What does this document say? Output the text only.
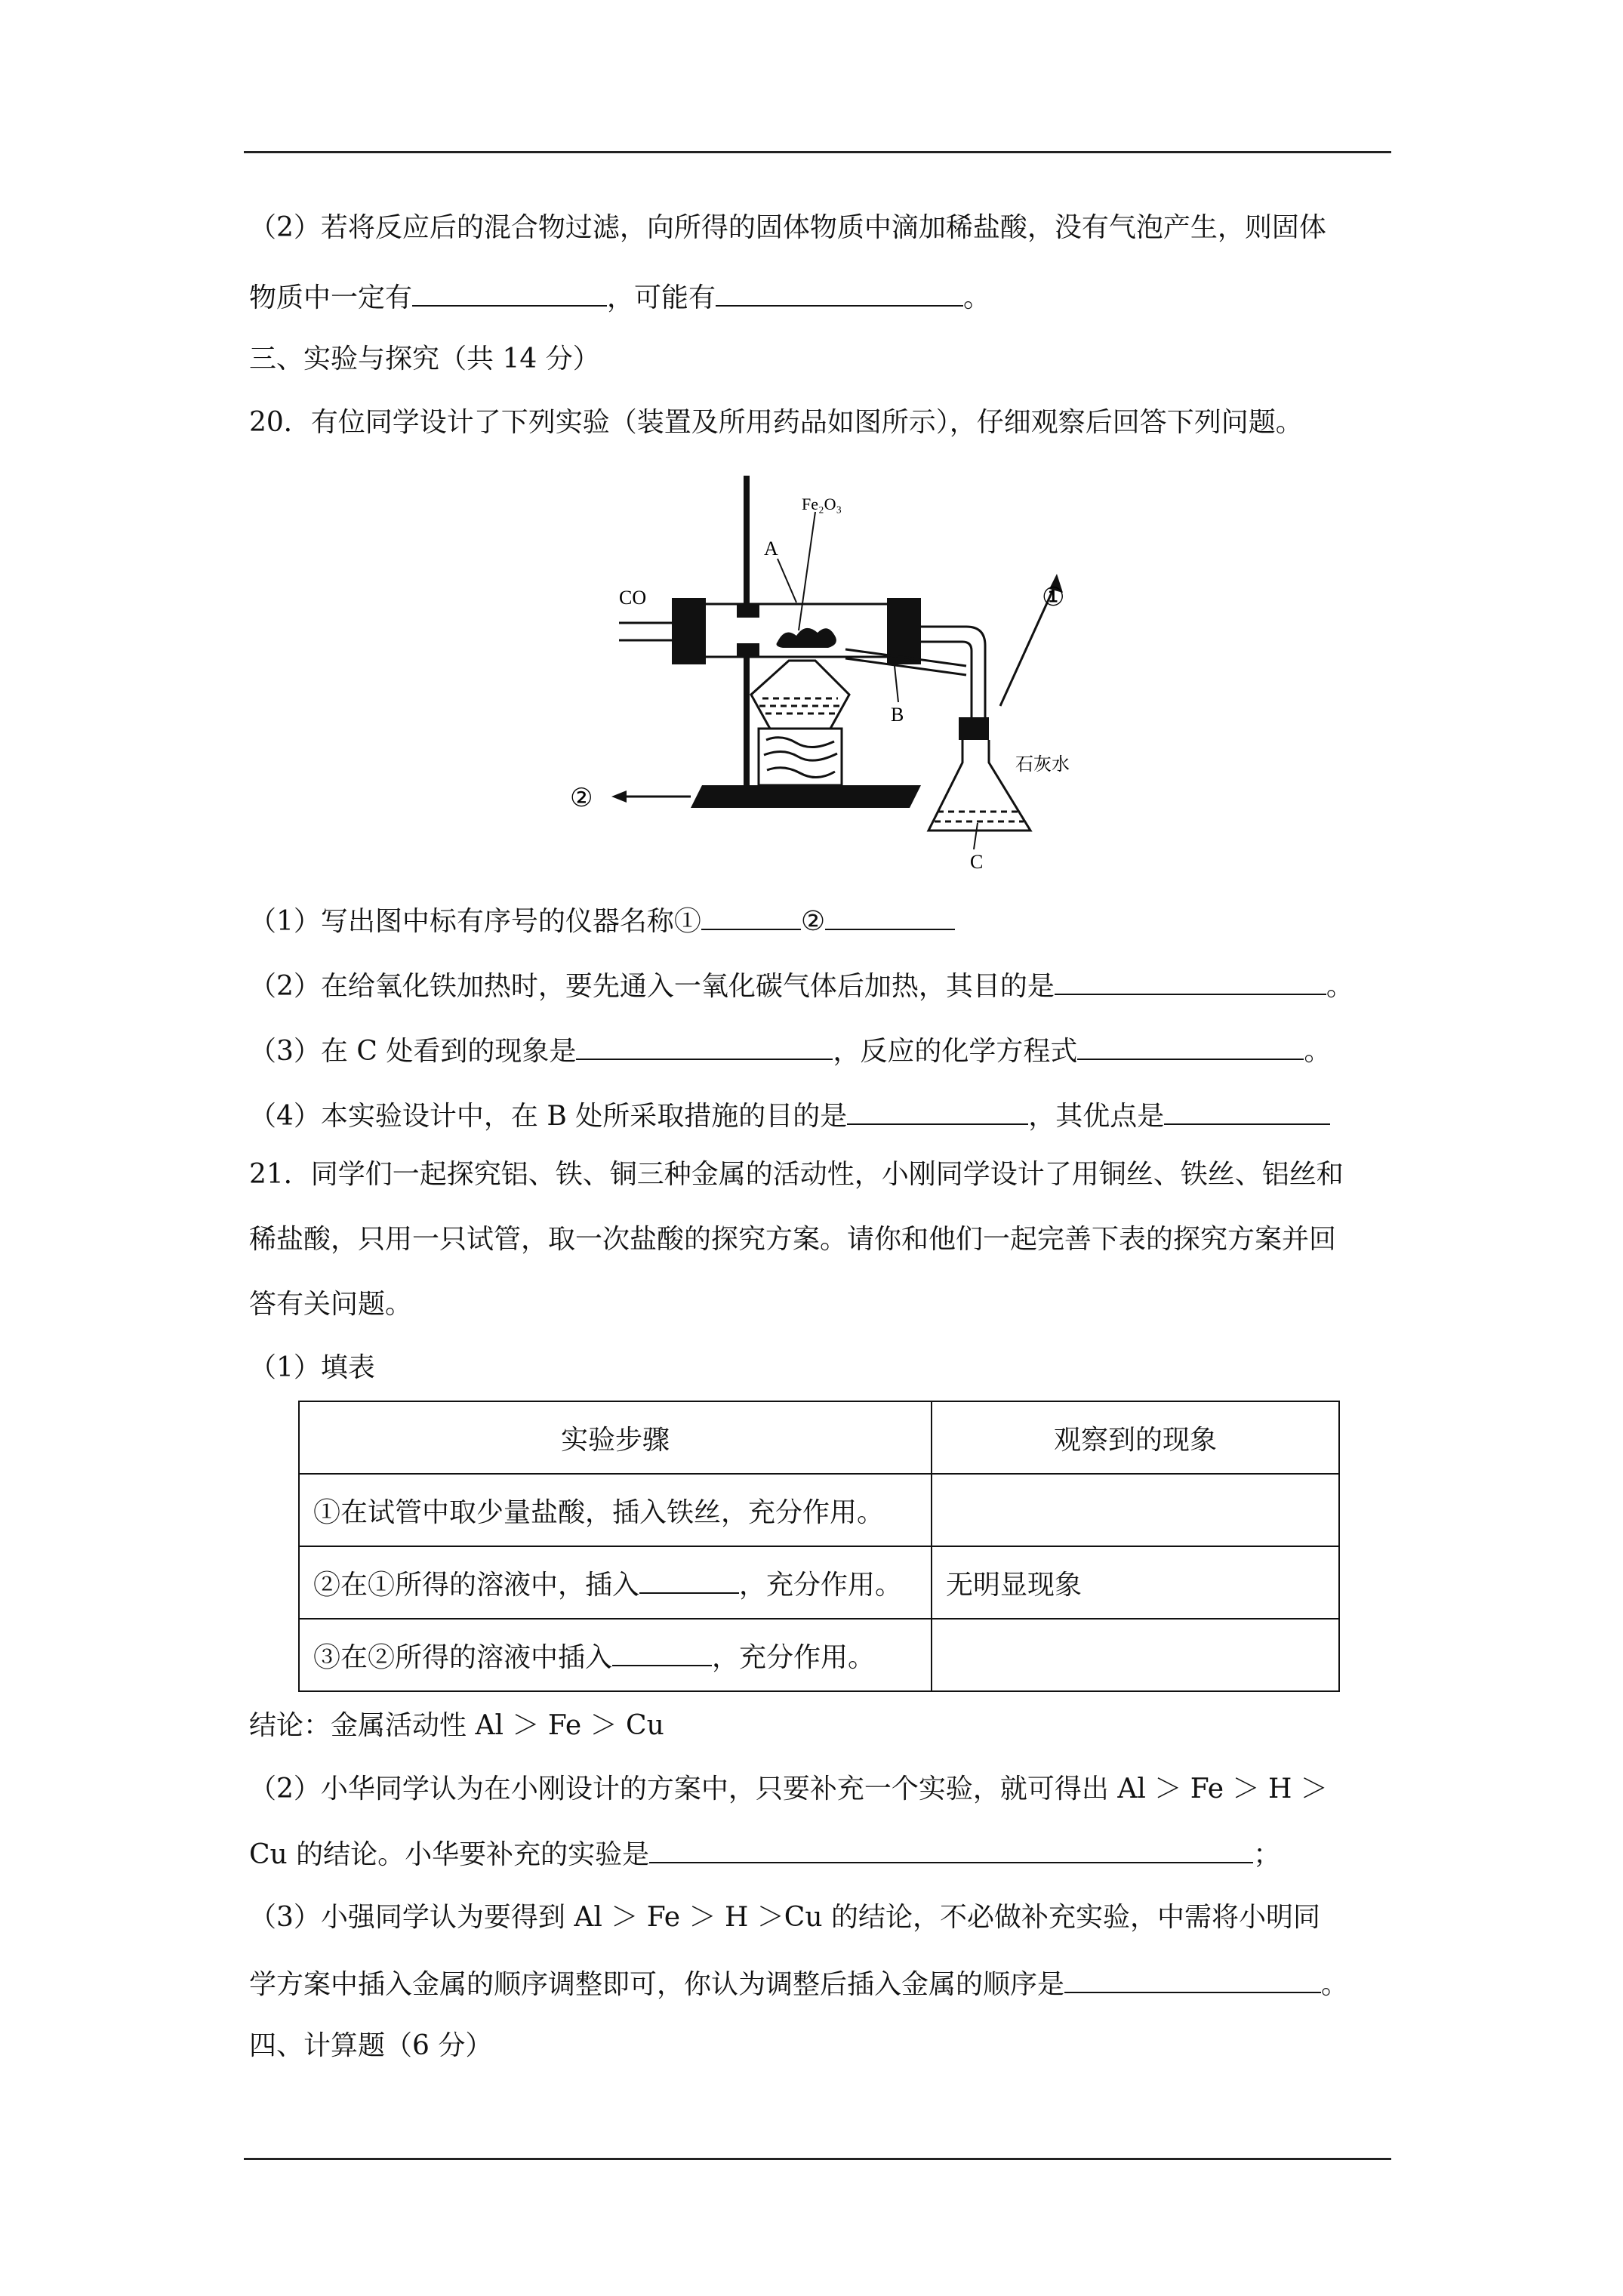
（2）若将反应后的混合物过滤，向所得的固体物质中滴加稀盐酸，没有气泡产生，则固体
物质中一定有	，可能有	。
三、实验与探究（共 14 分）
20．有位同学设计了下列实验（装置及所用药品如图所示），仔细观察后回答下列问题。
CO
Fe₂O₃
A
B
C
①
②
石灰水
（1）写出图中标有序号的仪器名称①	②
（2）在给氧化铁加热时，要先通入一氧化碳气体后加热，其目的是	。
（3）在 C 处看到的现象是	，反应的化学方程式	。
（4）本实验设计中，在 B 处所采取措施的目的是	，其优点是
21．同学们一起探究铝、铁、铜三种金属的活动性，小刚同学设计了用铜丝、铁丝、铝丝和
稀盐酸，只用一只试管，取一次盐酸的探究方案。请你和他们一起完善下表的探究方案并回
答有关问题。
（1）填表
实验步骤	观察到的现象
①在试管中取少量盐酸，插入铁丝，充分作用。	
②在①所得的溶液中，插入 ，充分作用。	无明显现象
③在②所得的溶液中插入 ，充分作用。	
结论：金属活动性 Al ＞ Fe ＞ Cu
（2）小华同学认为在小刚设计的方案中，只要补充一个实验，就可得出 Al ＞ Fe ＞ H ＞
Cu 的结论。小华要补充的实验是	；
（3）小强同学认为要得到 Al ＞ Fe ＞ H ＞Cu 的结论，不必做补充实验，中需将小明同
学方案中插入金属的顺序调整即可，你认为调整后插入金属的顺序是	。
四、计算题（6 分）
